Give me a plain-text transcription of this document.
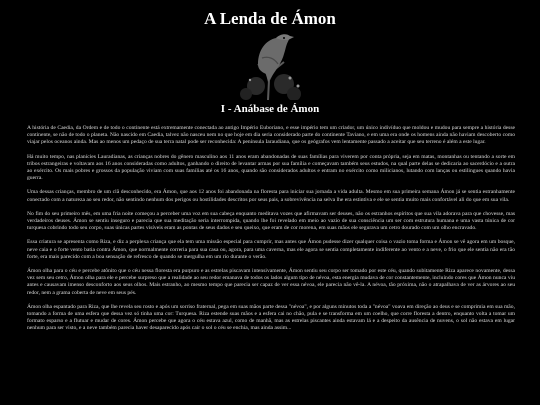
A Lenda de Ámon
I - Anábase de Ámon

A história de Caedia, da Ordem e de todo o continente está extremamente conectada ao antigo Império Euboriano, e esse império tem um criador, um único indivíduo que moldou e mudou para sempre a história desse continente, se não de todo o planeta. Não nascido em Caedia, talvez não nasceu nem no que hoje em dia seria considerado parte do continente Taviano, e em uma era onde os homens ainda não haviam descoberto como viajar pelos oceanos ainda. Mas ao menos um pedaço de sua terra natal pode ser reconhecida: A península Iaraudiana, que os geógrafos vem lentamente passado a aceitar que seu terreno é além a este lugar.

Há muito tempo, nas planícies Lauradianas, as crianças nobres do gênero masculino aos 11 anos eram abandonadas de suas famílias para viverem por conta própria, seja em matas, montanhas ou tentando a sorte em tribos estrangeiras e voltavam aos 16 anos consideradas como adultos, ganhando o direito de levantar armas por sua família e começavam também seus estudos, na qual parte delas se dedicaria ao sacerdócio e a outra ao exército. Os mais pobres e grossos da população viviam com suas famílias até os 16 anos, quando são considerados adultos e entram no exército como milicianos, lutando com lanças ou estilingues quando havia guerra.

Uma dessas crianças, membro de um clã desconhecido, era Ámon, que aos 12 anos foi abandonada na floresta para iniciar sua jornada a vida adulta. Mesmo em sua primeira semana Ámon já se sentia estranhamente conectado com a natureza ao seu redor, não sentindo nenhum dos perigos ou hostilidades descritos por seus pais, a sobrevivência na selva lhe era estintiva e ele se sentia muito mais confortável ali do que em sua vila.

No fim do seu primeiro mês, em uma fria noite começou a perceber uma voz em sua cabeça enquanto meditava vozes que afirmavam ser deuses, não os estranhos espíritos que sua vila adorava para que chovesse, mas verdadeiros deuses. Ámon se sentiu inseguro e parecia que sua meditação seria interrompida, quando lhe foi revelado em meio ao vazio de sua consciência um ser com estrutura humana e uma vasta túnica de cor turquesa cobrindo todo seu corpo, suas únicas partes visíveis eram as pontas de seus dados e seu queixo, que eram de cor morena, em suas mãos ele segurava um cetro dourado com um olho encravado.

Essa criatura se apresenta como Riza, e diz a perplexa criança que ela tem uma missão especial para cumprir, mas antes que Ámon pudesse dizer qualquer coisa o vazio toma forma e Ámon se vê agora em um bosque, neve caia e o forte vento batia contra Ámon, que normalmente correria para sua casa ou, agora, para uma caverna, mas ele agora se sentia completamente indiferente ao vento e a neve, o frio que ele sentia não era tão forte, era mais parecido com a boa sensação de refresco de quando se mergulha em um rio durante o verão.

Ámon olha para o céu e percebe atônito que o céu nessa floresta era purpuro e as estrelas piscavam intensivamente, Ámon sentiu seu corpo ser tomado por este céu, quando subitamente Riza aparece novamente, dessa vez sem seu cetro, Ámon olha para ele e percebe surpreso que a realidade ao seu redor emanava de todos os lados algum tipo de névoa, esta energia mudava de cor constantemente, incluindo cores que Ámon nunca viu antes e causavam imenso desconforto aos seus olhos. Mais estranho, ao mesmo tempo que parecia ser capaz de ver essa névoa, ele parecia não vê-la. A névoa, tão próxima, não o atrapalhava de ver as árvores ao seu redor, nem a grama coberta de neve em seus pés.

Ámon olha espantado para Riza, que lhe revela seu rosto e após um sorriso fraternal, pega em suas mãos parte dessa "névoa", e por alguns minutos toda a "névoa" voava em direção ao deus e se comprimia em sua mão, tomando a forma de uma esfera que dessa vez só tinha uma cor: Turquesa. Riza estende suas mãos e a esfera cai no chão, pula e se transforma em um coelho, que corre floresta a dentro, enquanto volta a tomar um formato esparso e a flutuar e mudar de cores. Ámon percebe que agora o céu estava azul, como de manhã, mas as estrelas piscantes ainda estavam lá e a despeito da ausência de nuvens, o sol não estava em lugar nenhum para ser visto, e a neve também parecia haver desaparecido após cair o sol o céu se enchia, mas ainda assim...
